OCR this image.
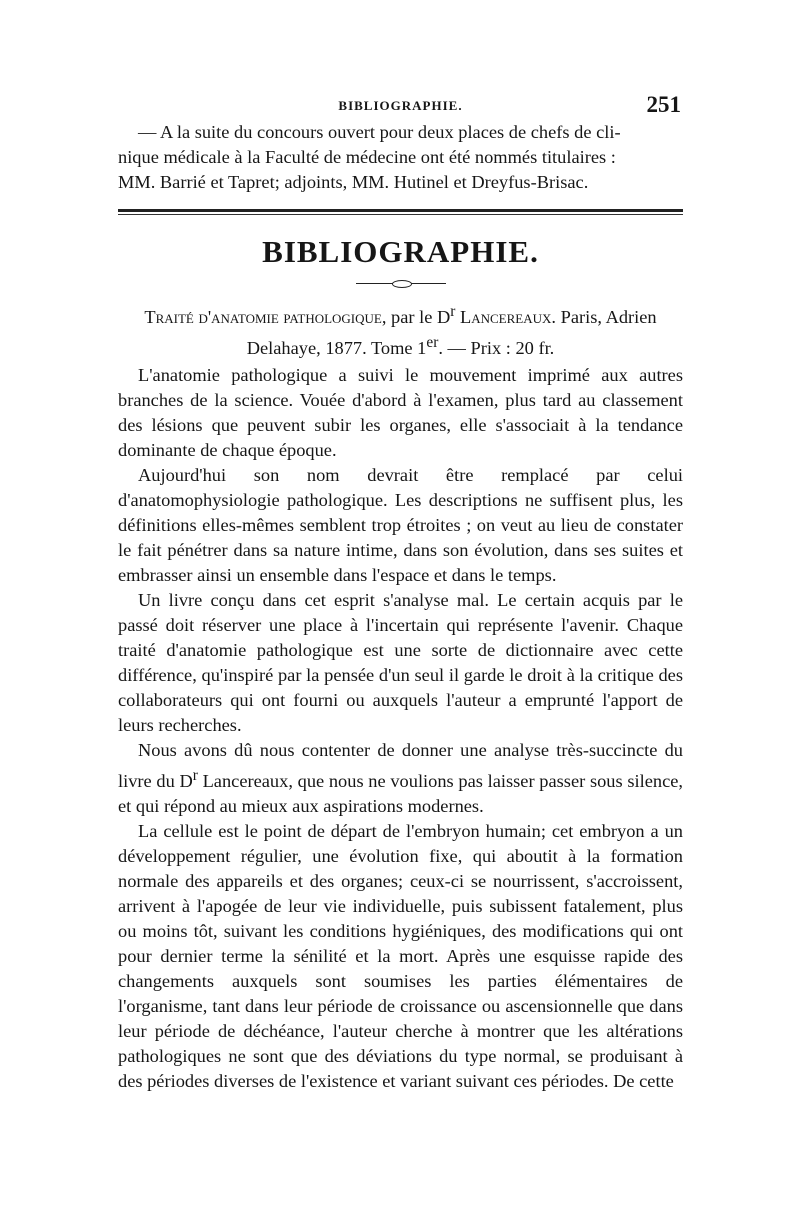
BIBLIOGRAPHIE.	251

— A la suite du concours ouvert pour deux places de chefs de cli-

nique médicale à la Faculté de médecine ont été nommés titulaires :

MM. Barrié et Tapret; adjoints, MM. Hutinel et Dreyfus-Brisac.

BIBLIOGRAPHIE.
Traité d'anatomie pathologique, par le $D^r$ Lancereaux. Paris, Adrien
Delahaye, 1877. Tome 1er. — Prix : 20 fr.

L'anatomie pathologique a suivi le mouvement imprimé aux autres branches de la science. Vouée d'abord à l'examen, plus tard au classement des lésions que peuvent subir les organes, elle s'associait à la tendance dominante de chaque époque.

Aujourd'hui son nom devrait être remplacé par celui d'anatomophysiologie pathologique. Les descriptions ne suffisent plus, les définitions elles-mêmes semblent trop étroites ; on veut au lieu de constater le fait pénétrer dans sa nature intime, dans son évolution, dans ses suites et embrasser ainsi un ensemble dans l'espace et dans le temps.

Un livre conçu dans cet esprit s'analyse mal. Le certain acquis par le passé doit réserver une place à l'incertain qui représente l'avenir. Chaque traité d'anatomie pathologique est une sorte de dictionnaire avec cette différence, qu'inspiré par la pensée d'un seul il garde le droit à la critique des collaborateurs qui ont fourni ou auxquels l'auteur a emprunté l'apport de leurs recherches.

Nous avons dû nous contenter de donner une analyse très-succincte du livre du $D^r$ Lancereaux, que nous ne voulions pas laisser passer sous silence, et qui répond au mieux aux aspirations modernes.

La cellule est le point de départ de l'embryon humain; cet embryon a un développement régulier, une évolution fixe, qui aboutit à la formation normale des appareils et des organes; ceux-ci se nourrissent, s'accroissent, arrivent à l'apogée de leur vie individuelle, puis subissent fatalement, plus ou moins tôt, suivant les conditions hygiéniques, des modifications qui ont pour dernier terme la sénilité et la mort. Après une esquisse rapide des changements auxquels sont soumises les parties élémentaires de l'organisme, tant dans leur période de croissance ou ascensionnelle que dans leur période de déchéance, l'auteur cherche à montrer que les altérations pathologiques ne sont que des déviations du type normal, se produisant à des périodes diverses de l'existence et variant suivant ces périodes. De cette
